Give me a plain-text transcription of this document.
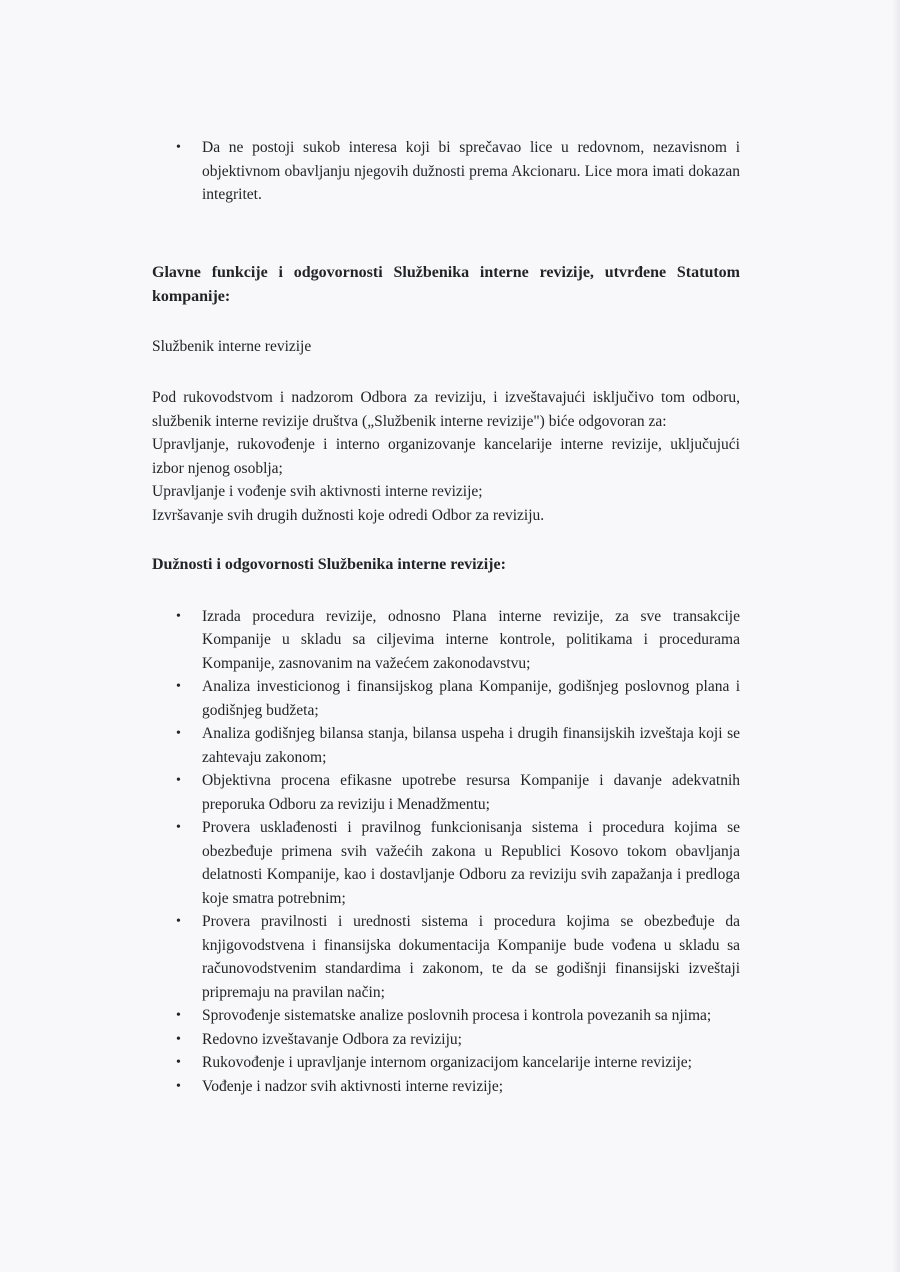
• Da ne postoji sukob interesa koji bi sprečavao lice u redovnom, nezavisnom i objektivnom obavljanju njegovih dužnosti prema Akcionaru. Lice mora imati dokazan integritet.

Glavne funkcije i odgovornosti Službenika interne revizije, utvrđene Statutom kompanije:

Službenik interne revizije

Pod rukovodstvom i nadzorom Odbora za reviziju, i izveštavajući isključivo tom odboru, službenik interne revizije društva („Službenik interne revizije") biće odgovoran za:

Upravljanje, rukovođenje i interno organizovanje kancelarije interne revizije, uključujući izbor njenog osoblja;

Upravljanje i vođenje svih aktivnosti interne revizije;

Izvršavanje svih drugih dužnosti koje odredi Odbor za reviziju.

Dužnosti i odgovornosti Službenika interne revizije:

• Izrada procedura revizije, odnosno Plana interne revizije, za sve transakcije Kompanije u skladu sa ciljevima interne kontrole, politikama i procedurama Kompanije, zasnovanim na važećem zakonodavstvu;
• Analiza investicionog i finansijskog plana Kompanije, godišnjeg poslovnog plana i godišnjeg budžeta;
• Analiza godišnjeg bilansa stanja, bilansa uspeha i drugih finansijskih izveštaja koji se zahtevaju zakonom;
• Objektivna procena efikasne upotrebe resursa Kompanije i davanje adekvatnih preporuka Odboru za reviziju i Menadžmentu;
• Provera usklađenosti i pravilnog funkcionisanja sistema i procedura kojima se obezbeđuje primena svih važećih zakona u Republici Kosovo tokom obavljanja delatnosti Kompanije, kao i dostavljanje Odboru za reviziju svih zapažanja i predloga koje smatra potrebnim;
• Provera pravilnosti i urednosti sistema i procedura kojima se obezbeđuje da knjigovodstvena i finansijska dokumentacija Kompanije bude vođena u skladu sa računovodstvenim standardima i zakonom, te da se godišnji finansijski izveštaji pripremaju na pravilan način;
• Sprovođenje sistematske analize poslovnih procesa i kontrola povezanih sa njima;
• Redovno izveštavanje Odbora za reviziju;
• Rukovođenje i upravljanje internom organizacijom kancelarije interne revizije;
• Vođenje i nadzor svih aktivnosti interne revizije;
